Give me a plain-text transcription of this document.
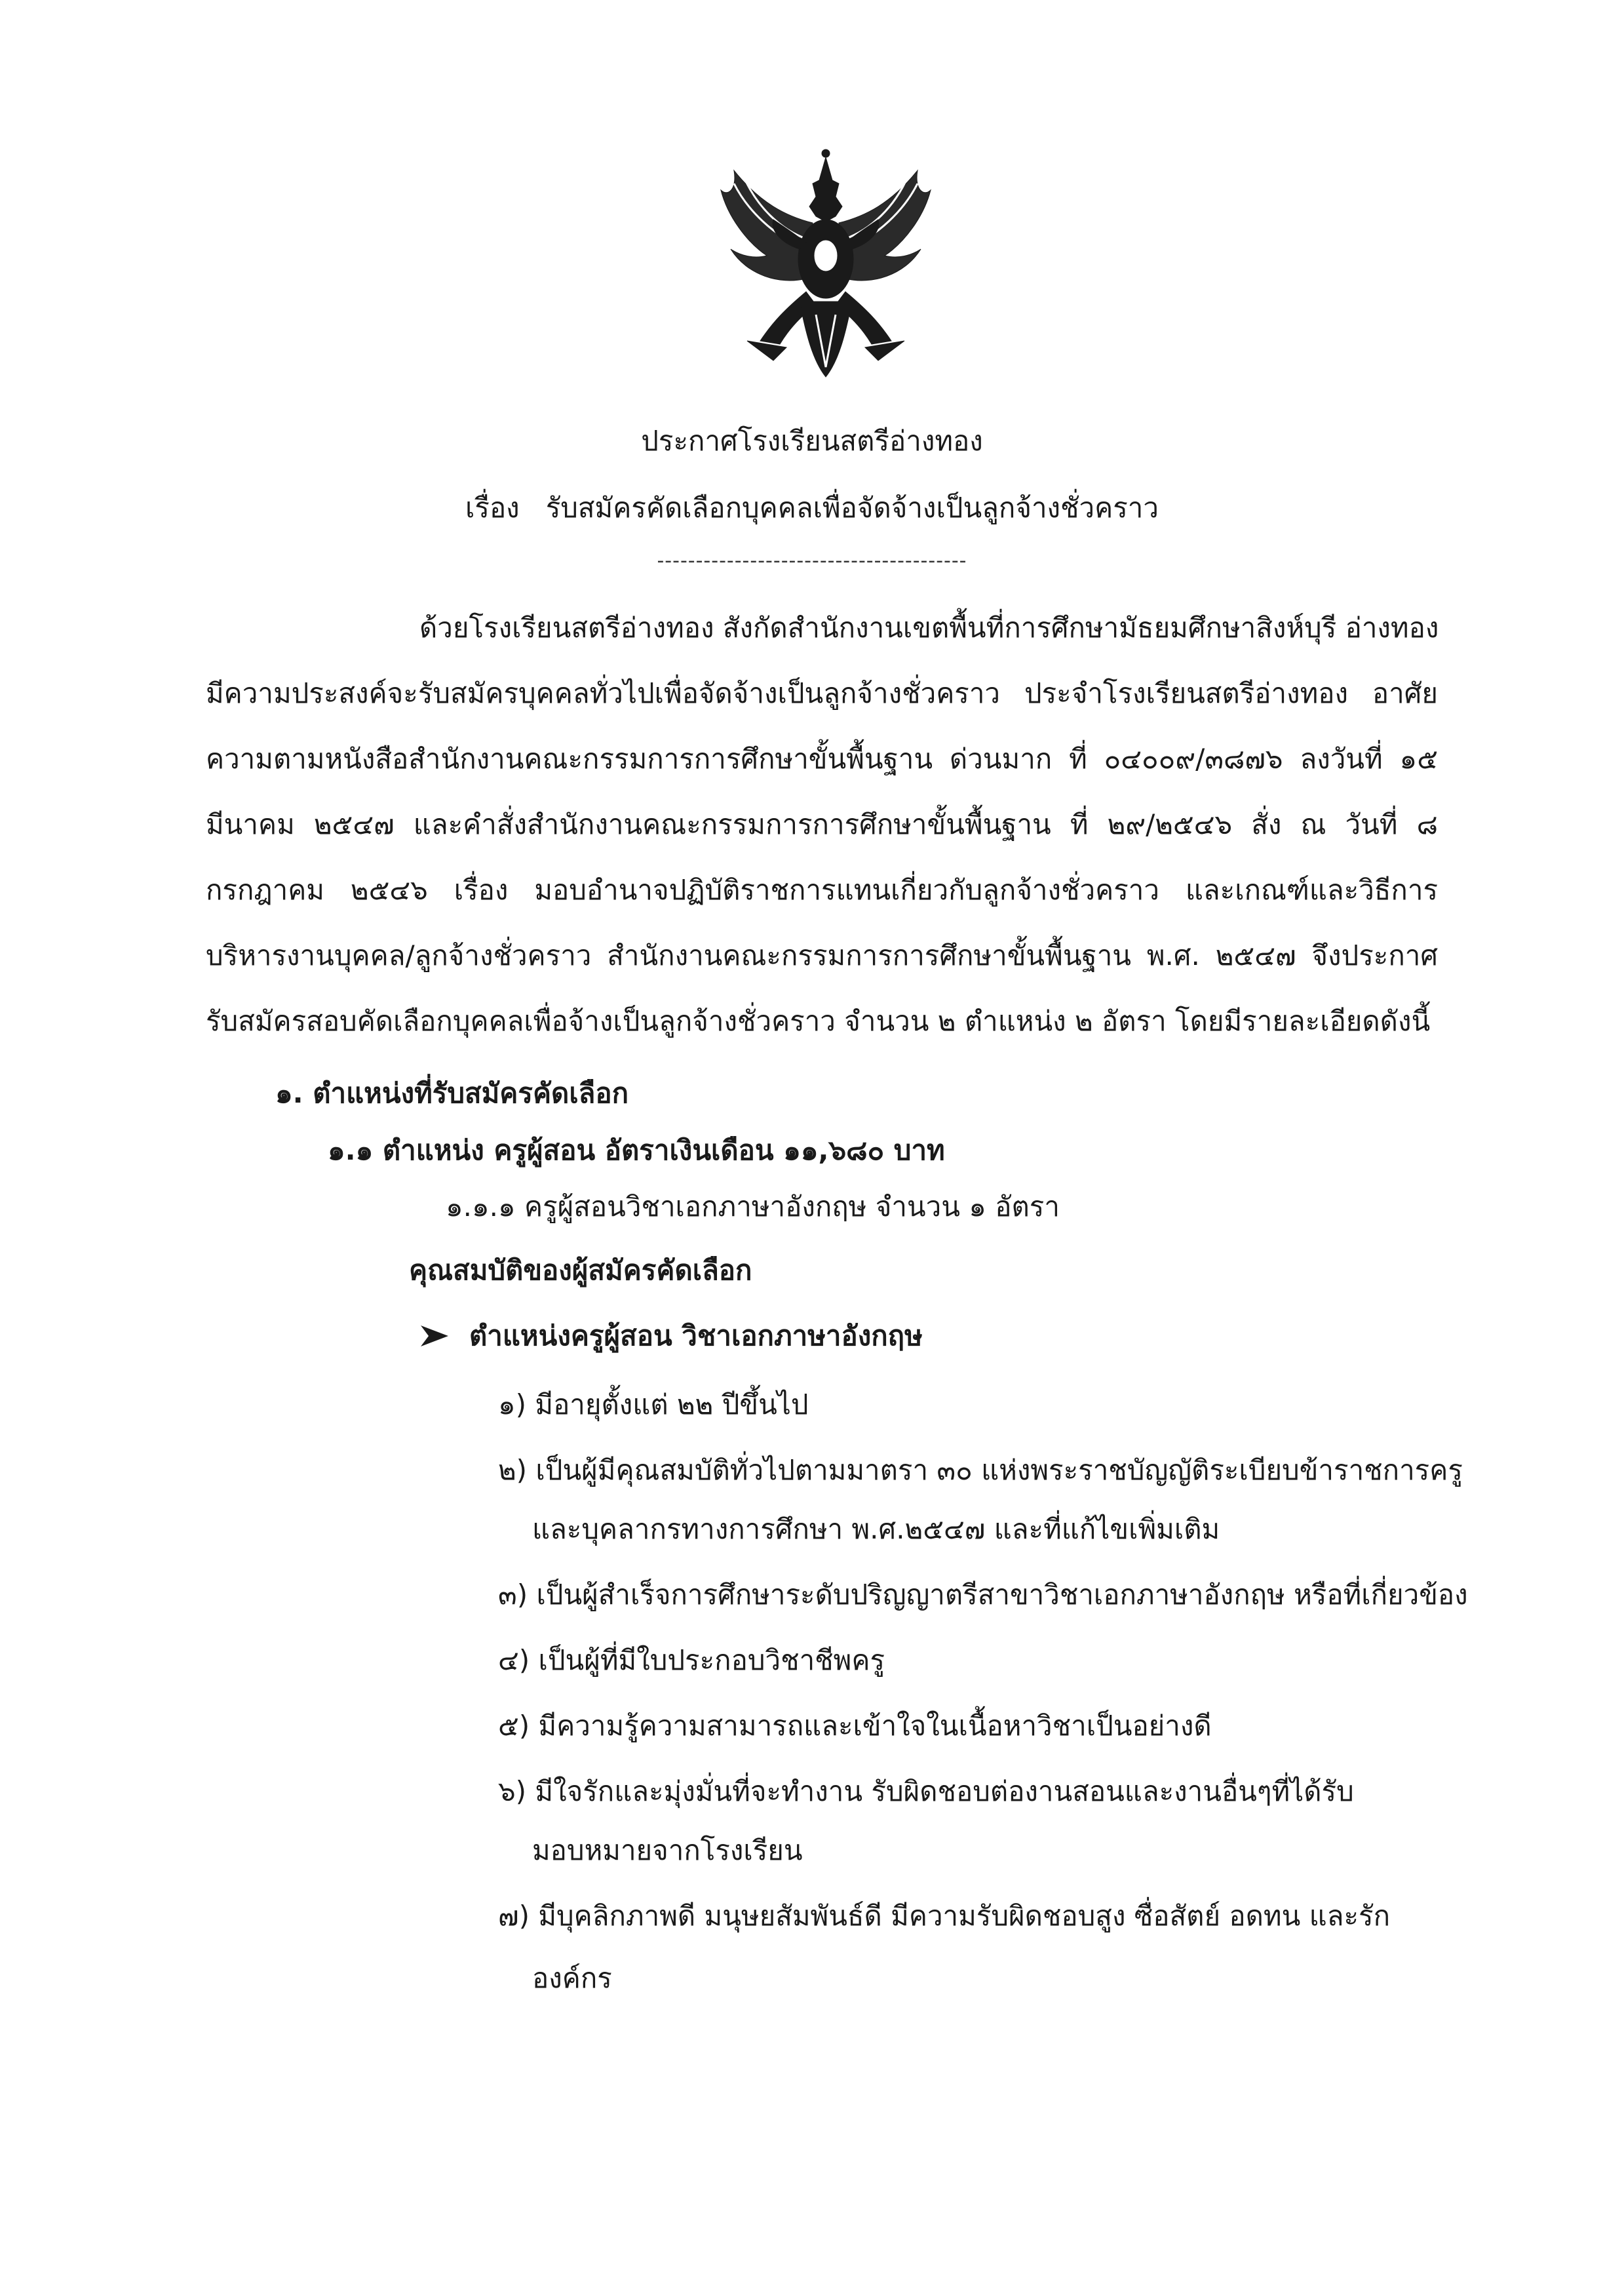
ประกาศโรงเรียนสตรีอ่างทอง
เรื่อง รับสมัครคัดเลือกบุคคลเพื่อจัดจ้างเป็นลูกจ้างชั่วคราว
----------------------------------------
ด้วยโรงเรียนสตรีอ่างทอง สังกัดสำนักงานเขตพื้นที่การศึกษามัธยมศึกษาสิงห์บุรี อ่างทอง
มีความประสงค์จะรับสมัครบุคคลทั่วไปเพื่อจัดจ้างเป็นลูกจ้างชั่วคราว ประจำโรงเรียนสตรีอ่างทอง อาศัย
ความตามหนังสือสำนักงานคณะกรรมการการศึกษาขั้นพื้นฐาน ด่วนมาก ที่ ๐๔๐๐๙/๓๘๗๖ ลงวันที่ ๑๕
มีนาคม ๒๕๔๗ และคำสั่งสำนักงานคณะกรรมการการศึกษาขั้นพื้นฐาน ที่ ๒๙/๒๕๔๖ สั่ง ณ วันที่ ๘
กรกฎาคม ๒๕๔๖ เรื่อง มอบอำนาจปฏิบัติราชการแทนเกี่ยวกับลูกจ้างชั่วคราว และเกณฑ์และวิธีการ
บริหารงานบุคคล/ลูกจ้างชั่วคราว สำนักงานคณะกรรมการการศึกษาขั้นพื้นฐาน พ.ศ. ๒๕๔๗ จึงประกาศ
รับสมัครสอบคัดเลือกบุคคลเพื่อจ้างเป็นลูกจ้างชั่วคราว จำนวน ๒ ตำแหน่ง ๒ อัตรา โดยมีรายละเอียดดังนี้
๑. ตำแหน่งที่รับสมัครคัดเลือก
๑.๑ ตำแหน่ง ครูผู้สอน อัตราเงินเดือน ๑๑,๖๘๐ บาท
๑.๑.๑ ครูผู้สอนวิชาเอกภาษาอังกฤษ จำนวน ๑ อัตรา
คุณสมบัติของผู้สมัครคัดเลือก
ตำแหน่งครูผู้สอน วิชาเอกภาษาอังกฤษ
๑) มีอายุตั้งแต่ ๒๒ ปีขึ้นไป
๒) เป็นผู้มีคุณสมบัติทั่วไปตามมาตรา ๓๐ แห่งพระราชบัญญัติระเบียบข้าราชการครู
และบุคลากรทางการศึกษา พ.ศ.๒๕๔๗ และที่แก้ไขเพิ่มเติม
๓) เป็นผู้สำเร็จการศึกษาระดับปริญญาตรีสาขาวิชาเอกภาษาอังกฤษ หรือที่เกี่ยวข้อง
๔) เป็นผู้ที่มีใบประกอบวิชาชีพครู
๕) มีความรู้ความสามารถและเข้าใจในเนื้อหาวิชาเป็นอย่างดี
๖) มีใจรักและมุ่งมั่นที่จะทำงาน รับผิดชอบต่องานสอนและงานอื่นๆที่ได้รับ
มอบหมายจากโรงเรียน
๗) มีบุคลิกภาพดี มนุษยสัมพันธ์ดี มีความรับผิดชอบสูง ซื่อสัตย์ อดทน และรัก
องค์กร
